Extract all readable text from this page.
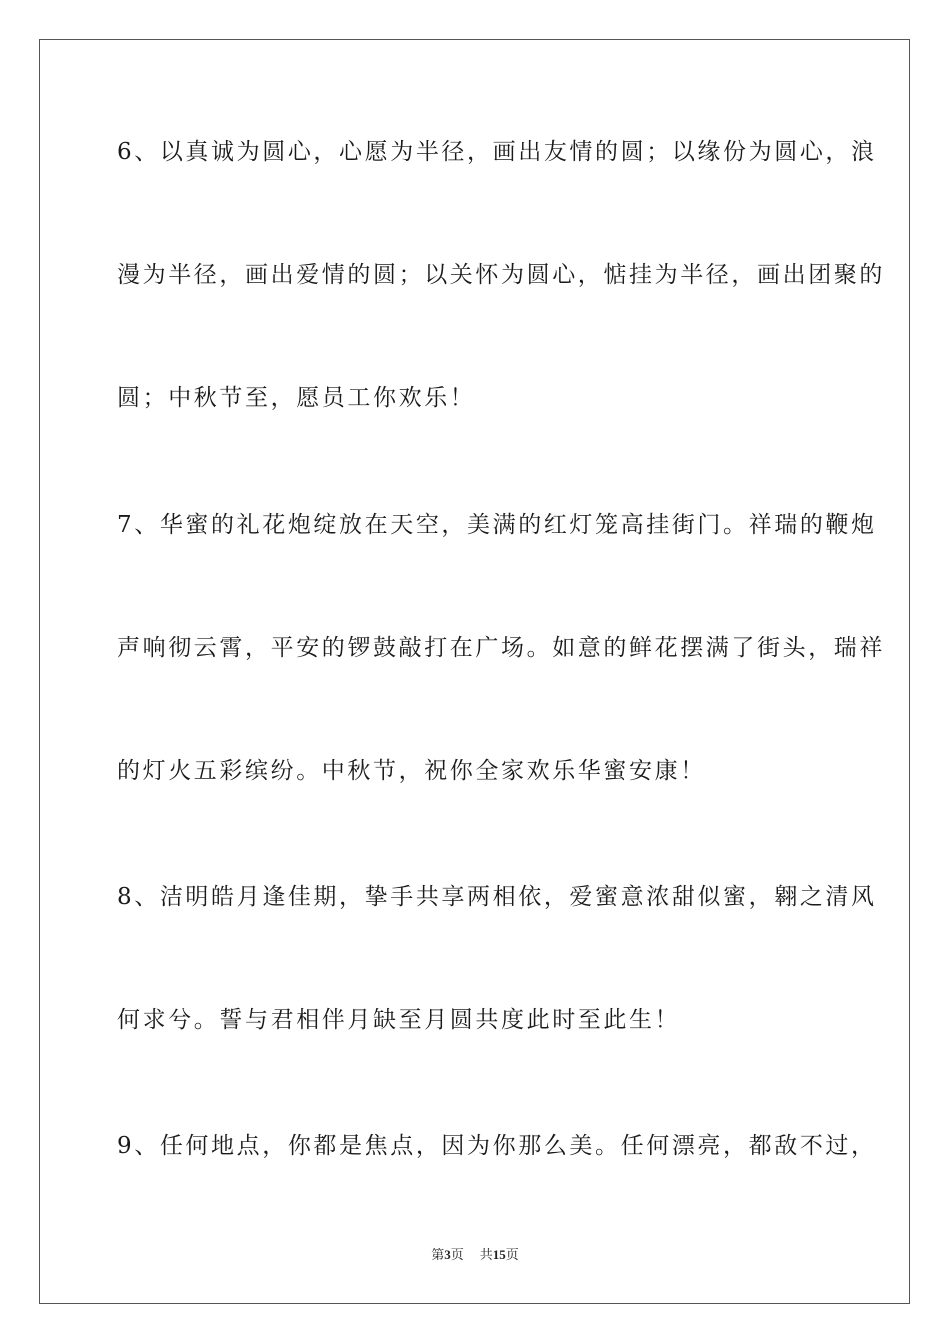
6、以真诚为圆心，心愿为半径，画出友情的圆；以缘份为圆心，浪
漫为半径，画出爱情的圆；以关怀为圆心，惦挂为半径，画出团聚的
圆；中秋节至，愿员工你欢乐！
7、华蜜的礼花炮绽放在天空，美满的红灯笼高挂街门。祥瑞的鞭炮
声响彻云霄，平安的锣鼓敲打在广场。如意的鲜花摆满了街头，瑞祥
的灯火五彩缤纷。中秋节，祝你全家欢乐华蜜安康！
8、洁明皓月逢佳期，挚手共享两相依，爱蜜意浓甜似蜜，翱之清风
何求兮。誓与君相伴月缺至月圆共度此时至此生！
9、任何地点，你都是焦点，因为你那么美。任何漂亮，都敌不过，
第3页 共15页
